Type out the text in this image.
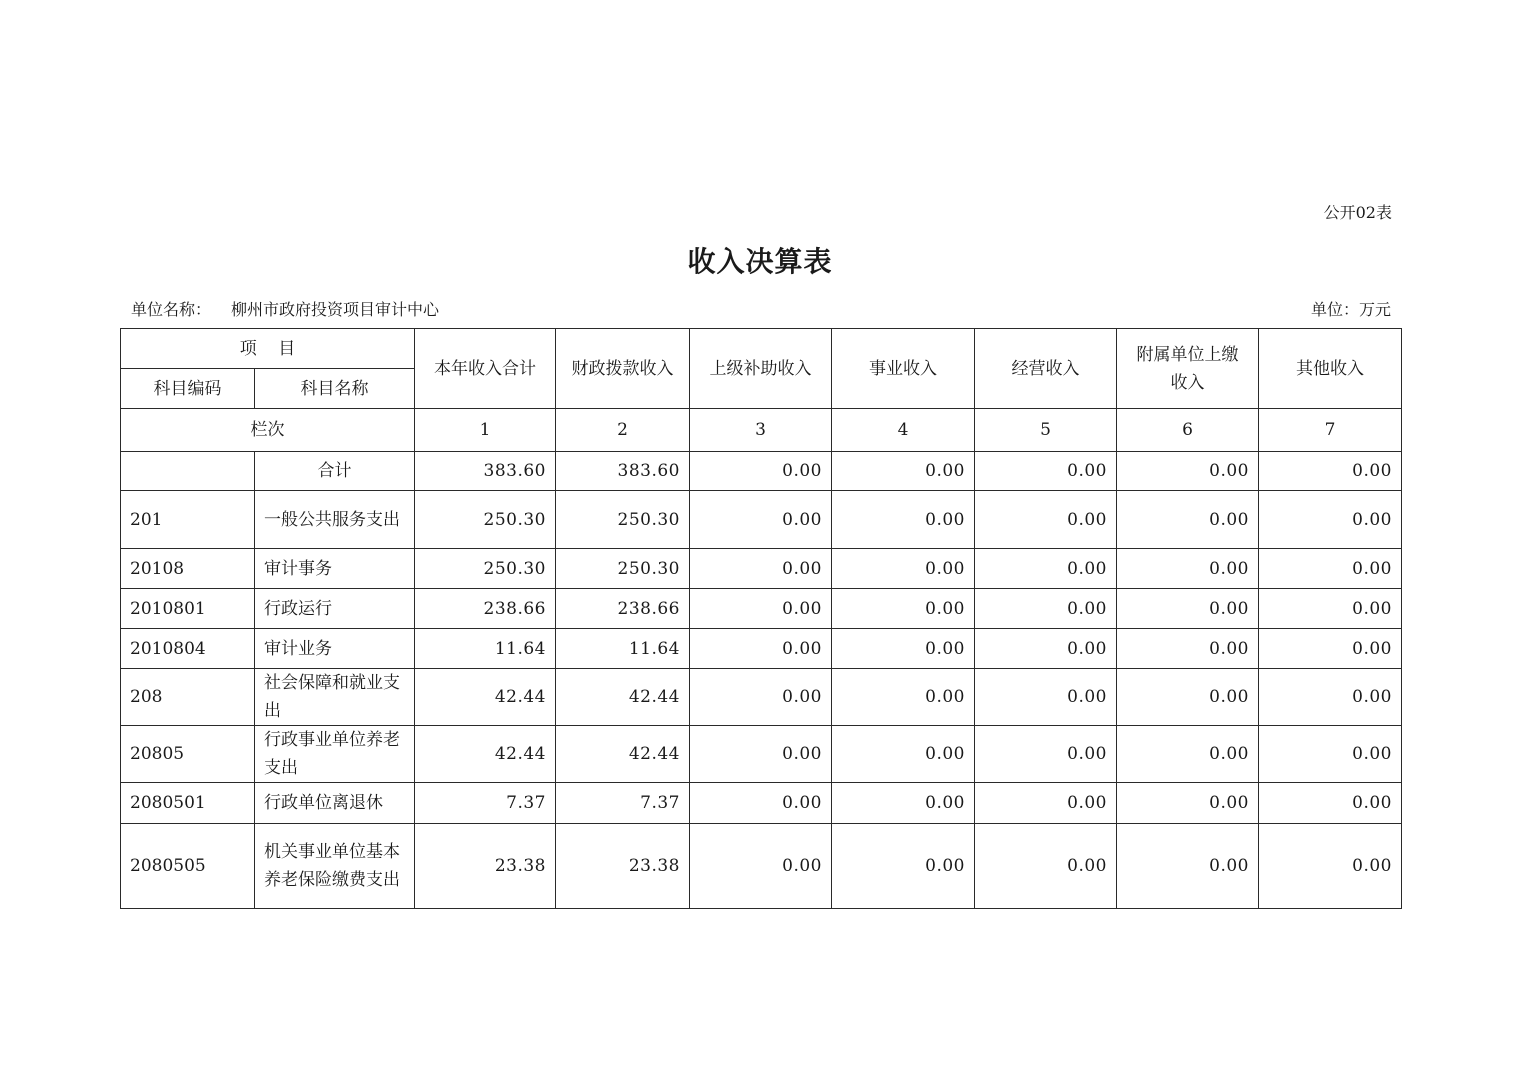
公开02表
收入决算表
单位名称： 柳州市政府投资项目审计中心	单位：万元
项    目		本年收入合计	财政拨款收入	上级补助收入	事业收入	经营收入	附属单位上缴收入	其他收入
科目编码	科目名称							
栏次		1	2	3	4	5	6	7
	合计	383.60	383.60	0.00	0.00	0.00	0.00	0.00
201	一般公共服务支出	250.30	250.30	0.00	0.00	0.00	0.00	0.00
20108	审计事务	250.30	250.30	0.00	0.00	0.00	0.00	0.00
2010801	行政运行	238.66	238.66	0.00	0.00	0.00	0.00	0.00
2010804	审计业务	11.64	11.64	0.00	0.00	0.00	0.00	0.00
208	社会保障和就业支出	42.44	42.44	0.00	0.00	0.00	0.00	0.00
20805	行政事业单位养老支出	42.44	42.44	0.00	0.00	0.00	0.00	0.00
2080501	行政单位离退休	7.37	7.37	0.00	0.00	0.00	0.00	0.00
2080505	机关事业单位基本养老保险缴费支出	23.38	23.38	0.00	0.00	0.00	0.00	0.00
